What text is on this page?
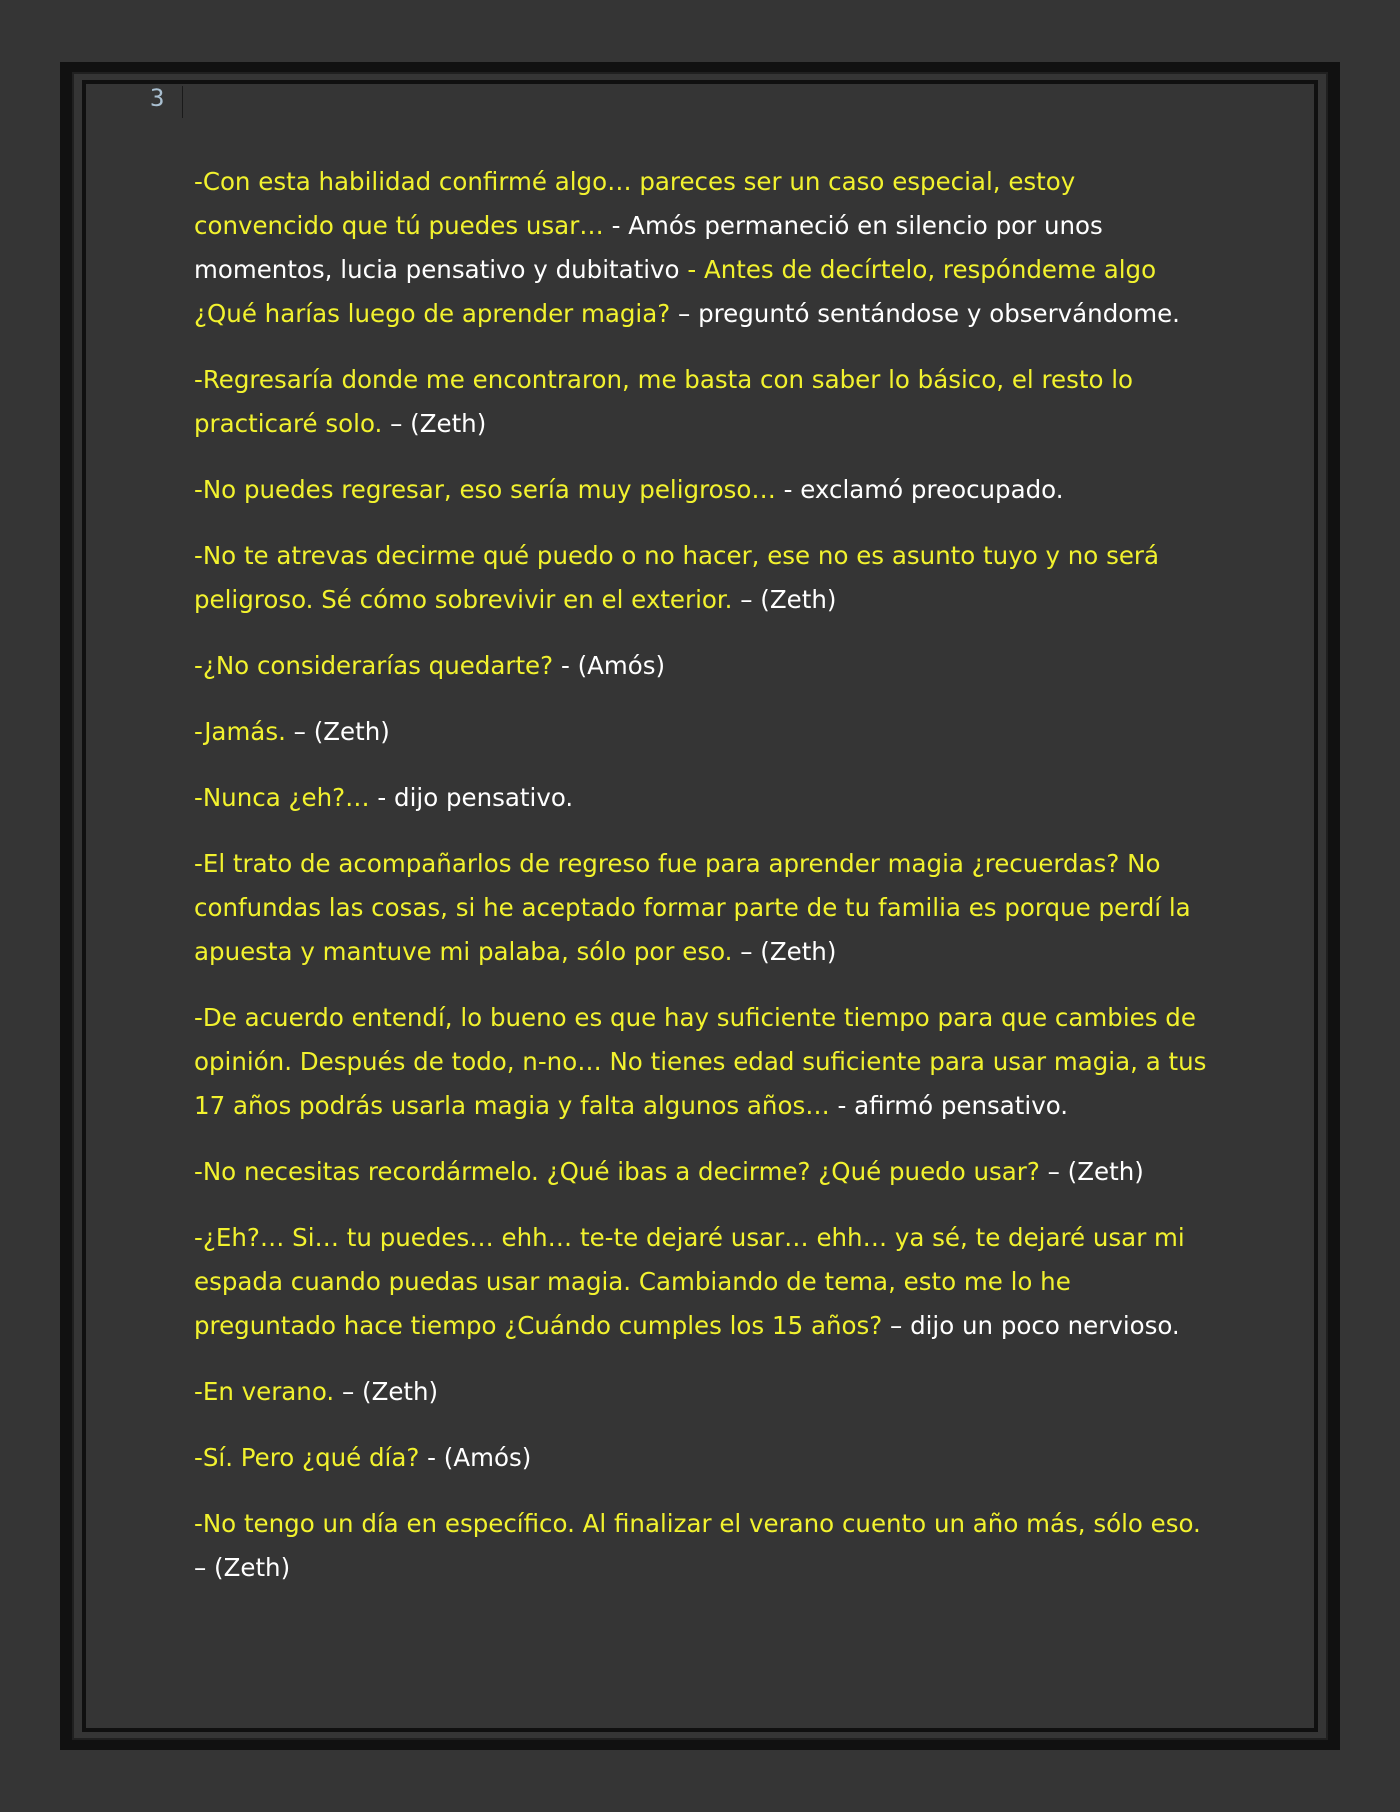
3

-Con esta habilidad confirmé algo… pareces ser un caso especial, estoy convencido que tú puedes usar… - Amós permaneció en silencio por unos momentos, lucia pensativo y dubitativo - Antes de decírtelo, respóndeme algo ¿Qué harías luego de aprender magia? – preguntó sentándose y observándome.

-Regresaría donde me encontraron, me basta con saber lo básico, el resto lo practicaré solo. – (Zeth)

-No puedes regresar, eso sería muy peligroso… - exclamó preocupado.

-No te atrevas decirme qué puedo o no hacer, ese no es asunto tuyo y no será peligroso. Sé cómo sobrevivir en el exterior. – (Zeth)

-¿No considerarías quedarte? - (Amós)

-Jamás. – (Zeth)

-Nunca ¿eh?… - dijo pensativo.

-El trato de acompañarlos de regreso fue para aprender magia ¿recuerdas? No confundas las cosas, si he aceptado formar parte de tu familia es porque perdí la apuesta y mantuve mi palaba, sólo por eso. – (Zeth)

-De acuerdo entendí, lo bueno es que hay suficiente tiempo para que cambies de opinión. Después de todo, n-no… No tienes edad suficiente para usar magia, a tus 17 años podrás usarla magia y falta algunos años… - afirmó pensativo.

-No necesitas recordármelo. ¿Qué ibas a decirme? ¿Qué puedo usar? – (Zeth)

-¿Eh?… Si… tu puedes… ehh… te-te dejaré usar… ehh… ya sé, te dejaré usar mi espada cuando puedas usar magia. Cambiando de tema, esto me lo he preguntado hace tiempo ¿Cuándo cumples los 15 años? – dijo un poco nervioso.

-En verano. – (Zeth)

-Sí. Pero ¿qué día? - (Amós)

-No tengo un día en específico. Al finalizar el verano cuento un año más, sólo eso. – (Zeth)
